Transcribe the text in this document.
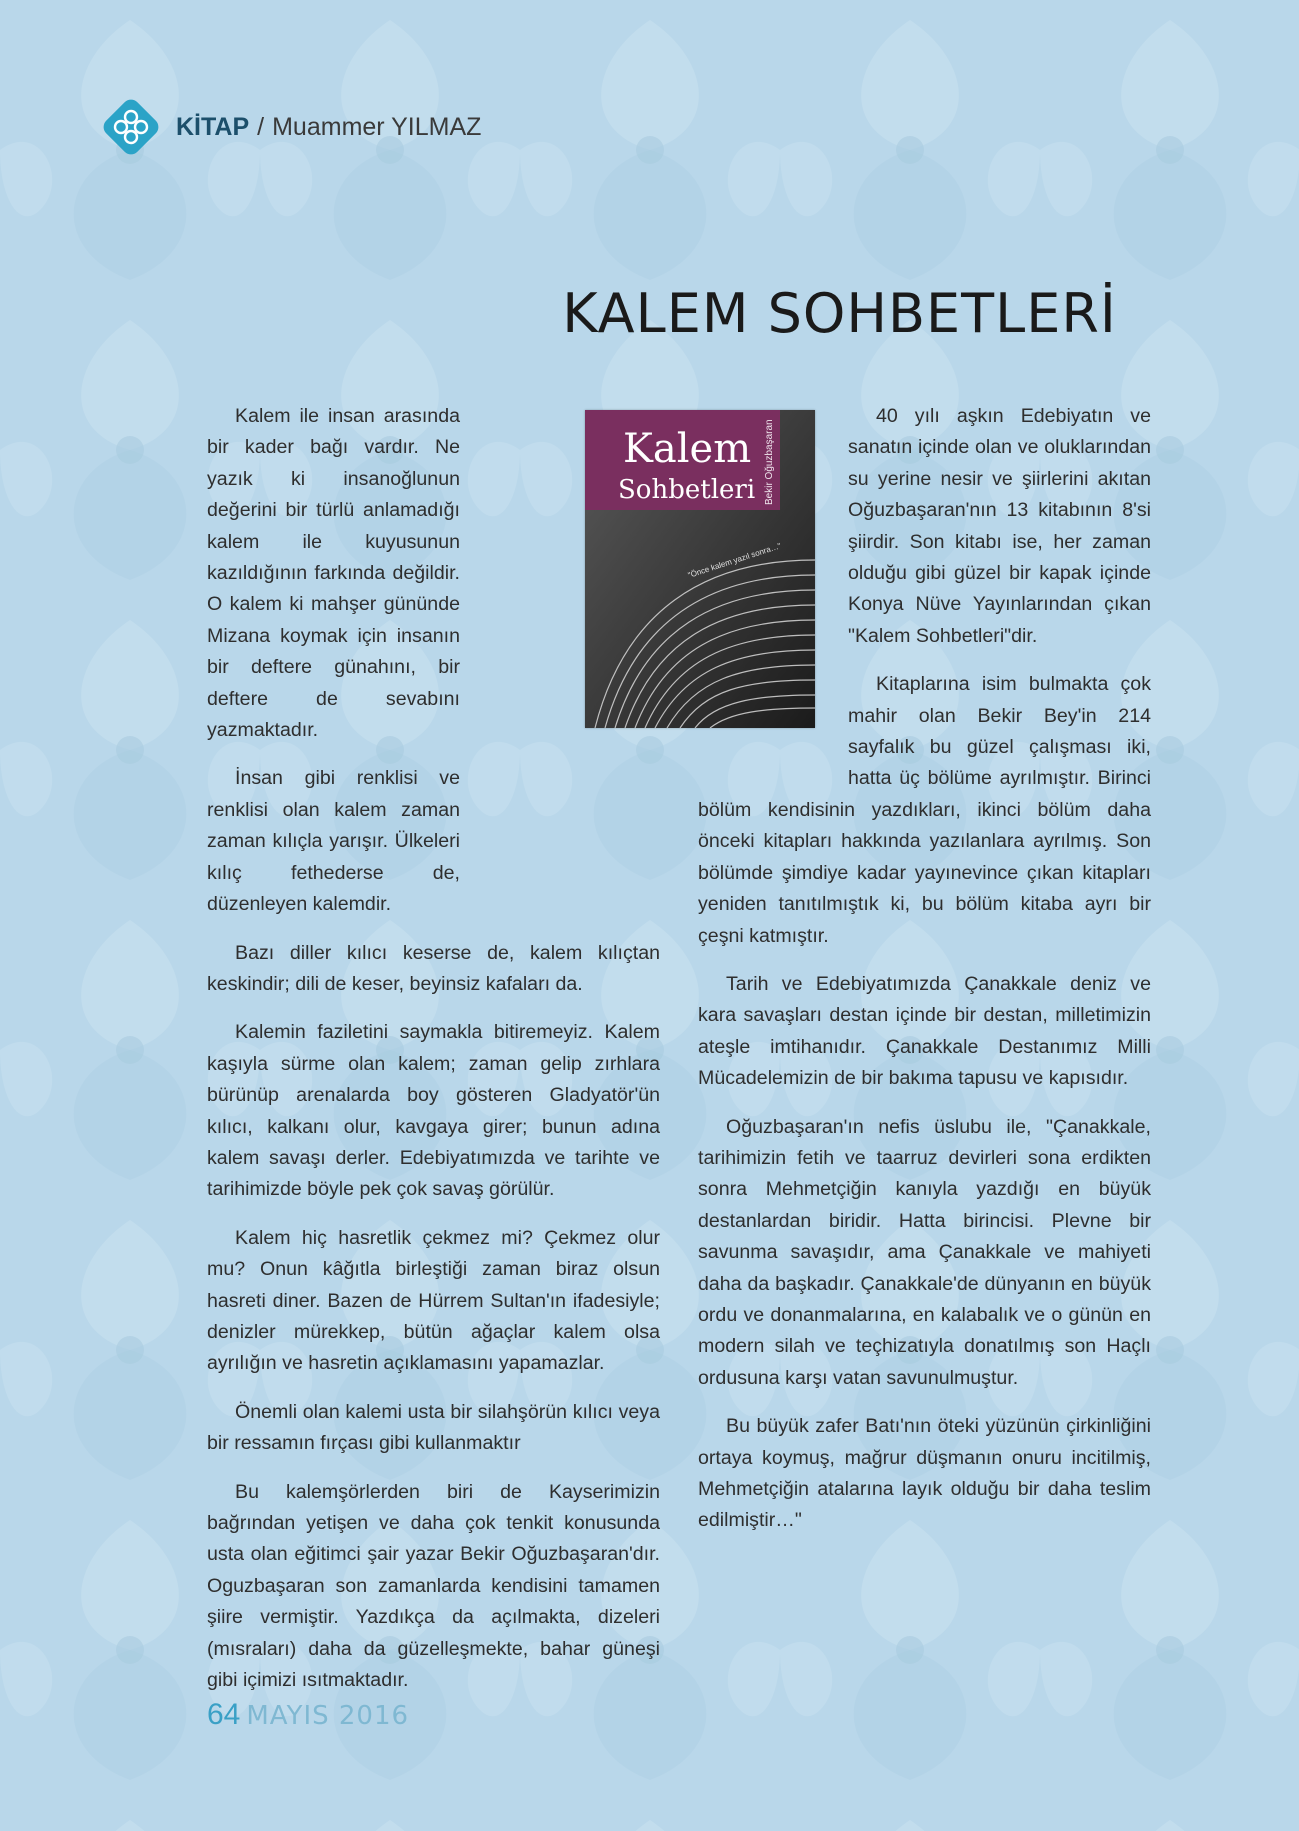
KİTAP / Muammer YILMAZ
KALEM SOHBETLERİ
Kalem
Sohbetleri Bekir Oğuzbaşaran
"Önce kalem yazıl sonra…"

Kalem ile insan arasında bir kader bağı vardır. Ne yazık ki insanoğlunun değerini bir türlü anlamadığı kalem ile kuyusunun kazıldığının farkında değildir. O kalem ki mahşer gününde Mizana koymak için insanın bir deftere günahını, bir deftere de sevabını yazmaktadır.

İnsan gibi renklisi ve renklisi olan kalem zaman zaman kılıçla yarışır. Ülkeleri kılıç fethederse de, düzenleyen kalemdir.

Bazı diller kılıcı keserse de, kalem kılıçtan keskindir; dili de keser, beyinsiz kafaları da.

Kalemin faziletini saymakla bitiremeyiz. Kalem kaşıyla sürme olan kalem; zaman gelip zırhlara bürünüp arenalarda boy gösteren Gladyatör'ün kılıcı, kalkanı olur, kavgaya girer; bunun adına kalem savaşı derler. Edebiyatımızda ve tarihte ve tarihimizde böyle pek çok savaş görülür.

Kalem hiç hasretlik çekmez mi? Çekmez olur mu? Onun kâğıtla birleştiği zaman biraz olsun hasreti diner. Bazen de Hürrem Sultan'ın ifadesiyle; denizler mürekkep, bütün ağaçlar kalem olsa ayrılığın ve hasretin açıklamasını yapamazlar.

Önemli olan kalemi usta bir silahşörün kılıcı veya bir ressamın fırçası gibi kullanmaktır

Bu kalemşörlerden biri de Kayserimizin bağrından yetişen ve daha çok tenkit konusunda usta olan eğitimci şair yazar Bekir Oğuzbaşaran'dır. Oguzbaşaran son zamanlarda kendisini tamamen şiire vermiştir. Yazdıkça da açılmakta, dizeleri (mısraları) daha da güzelleşmekte, bahar güneşi gibi içimizi ısıtmaktadır.

40 yılı aşkın Edebiyatın ve sanatın içinde olan ve oluklarından su yerine nesir ve şiirlerini akıtan Oğuzbaşaran'nın 13 kitabının 8'si şiirdir. Son kitabı ise, her zaman olduğu gibi güzel bir kapak içinde Konya Nüve Yayınlarından çıkan "Kalem Sohbetleri"dir.

Kitaplarına isim bulmakta çok mahir olan Bekir Bey'in 214 sayfalık bu güzel çalışması iki, hatta üç bölüme ayrılmıştır. Birinci bölüm kendisinin yazdıkları, ikinci bölüm daha önceki kitapları hakkında yazılanlara ayrılmış. Son bölümde şimdiye kadar yayınevince çıkan kitapları yeniden tanıtılmıştık ki, bu bölüm kitaba ayrı bir çeşni katmıştır.

Tarih ve Edebiyatımızda Çanakkale deniz ve kara savaşları destan içinde bir destan, milletimizin ateşle imtihanıdır. Çanakkale Destanımız Milli Mücadelemizin de bir bakıma tapusu ve kapısıdır.

Oğuzbaşaran'ın nefis üslubu ile, "Çanakkale, tarihimizin fetih ve taarruz devirleri sona erdikten sonra Mehmetçiğin kanıyla yazdığı en büyük destanlardan biridir. Hatta birincisi. Plevne bir savunma savaşıdır, ama Çanakkale ve mahiyeti daha da başkadır. Çanakkale'de dünyanın en büyük ordu ve donanmalarına, en kalabalık ve o günün en modern silah ve teçhizatıyla donatılmış son Haçlı ordusuna karşı vatan savunulmuştur.

Bu büyük zafer Batı'nın öteki yüzünün çirkinliğini ortaya koymuş, mağrur düşmanın onuru incitilmiş, Mehmetçiğin atalarına layık olduğu bir daha teslim edilmiştir…"

64 MAYIS 2016
